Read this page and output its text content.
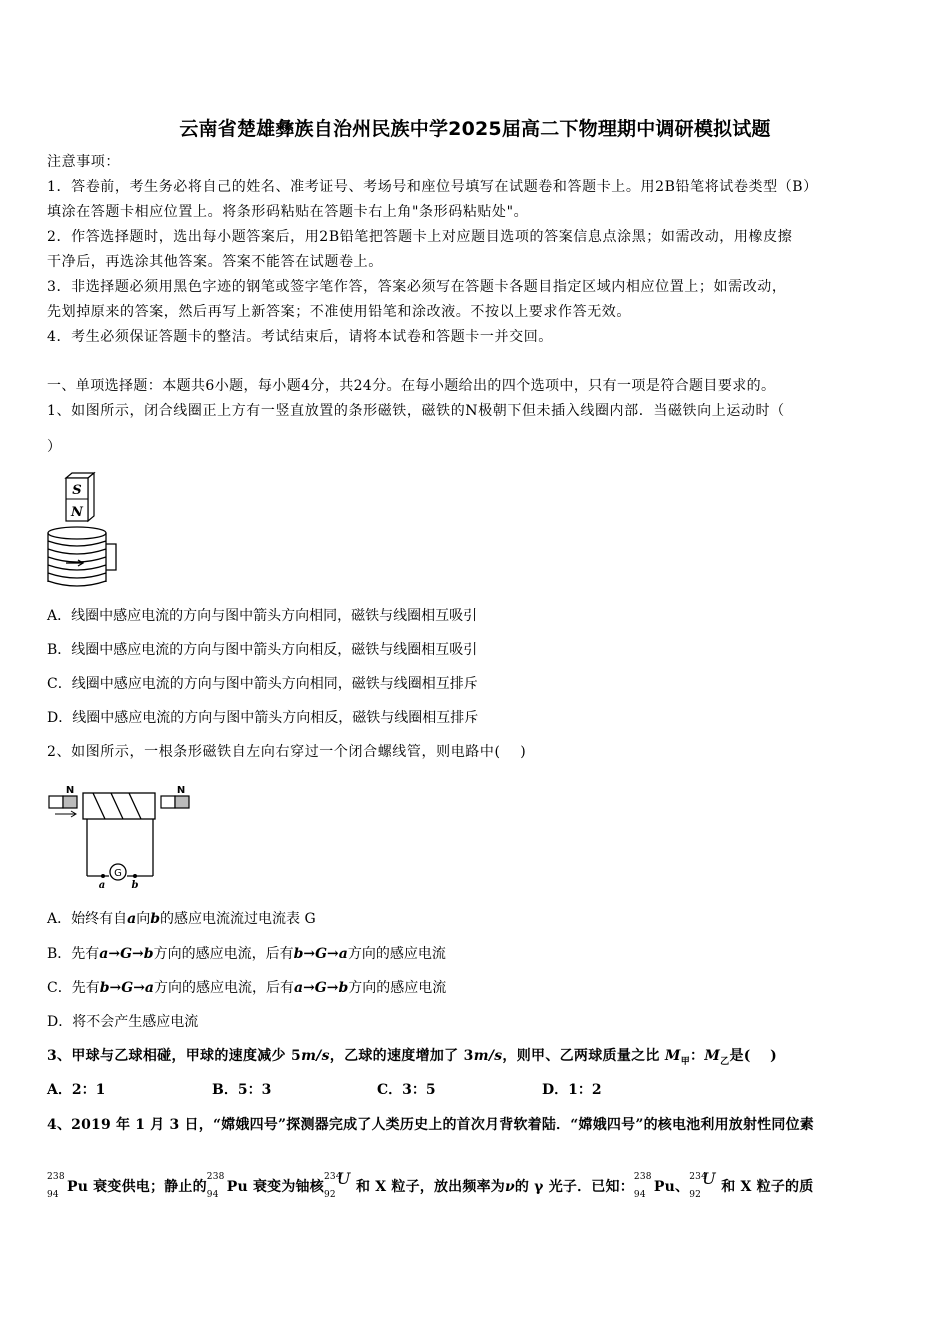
云南省楚雄彝族自治州民族中学2025届高二下物理期中调研模拟试题
注意事项：
1．答卷前，考生务必将自己的姓名、准考证号、考场号和座位号填写在试题卷和答题卡上。用2B铅笔将试卷类型（B）
填涂在答题卡相应位置上。将条形码粘贴在答题卡右上角"条形码粘贴处"。
2．作答选择题时，选出每小题答案后，用2B铅笔把答题卡上对应题目选项的答案信息点涂黑；如需改动，用橡皮擦
干净后，再选涂其他答案。答案不能答在试题卷上。
3．非选择题必须用黑色字迹的钢笔或签字笔作答，答案必须写在答题卡各题目指定区域内相应位置上；如需改动，
先划掉原来的答案，然后再写上新答案；不准使用铅笔和涂改液。不按以上要求作答无效。
4．考生必须保证答题卡的整洁。考试结束后，请将本试卷和答题卡一并交回。
一、单项选择题：本题共6小题，每小题4分，共24分。在每小题给出的四个选项中，只有一项是符合题目要求的。
1、如图所示，闭合线圈正上方有一竖直放置的条形磁铁，磁铁的N极朝下但未插入线圈内部．当磁铁向上运动时（
）
S
N
A．线圈中感应电流的方向与图中箭头方向相同，磁铁与线圈相互吸引
B．线圈中感应电流的方向与图中箭头方向相反，磁铁与线圈相互吸引
C．线圈中感应电流的方向与图中箭头方向相同，磁铁与线圈相互排斥
D．线圈中感应电流的方向与图中箭头方向相反，磁铁与线圈相互排斥
2、如图所示，一根条形磁铁自左向右穿过一个闭合螺线管，则电路中(　 )
N
G
a	b
N
A．始终有自a向b的感应电流流过电流表 G
B．先有a→G→b方向的感应电流，后有b→G→a方向的感应电流
C．先有b→G→a方向的感应电流，后有a→G→b方向的感应电流
D．将不会产生感应电流
3、甲球与乙球相碰，甲球的速度减少 5m/s，乙球的速度增加了 3m/s，则甲、乙两球质量之比 $M_甲$：$M_乙$是(　 )
A．2：1	B．5：3	C．3：5	D．1：2
4、2019 年 1 月 3 日，“嫦娥四号”探测器完成了人类历史上的首次月背软着陆．“嫦娥四号”的核电池利用放射性同位素
238
94 Pu 衰变供电；静止的
238
94 Pu 衰变为铀核
234
92
U 和 X 粒子，放出频率为ν的 γ 光子．已知：
238
94 Pu、
234
92
U 和 X 粒子的质
